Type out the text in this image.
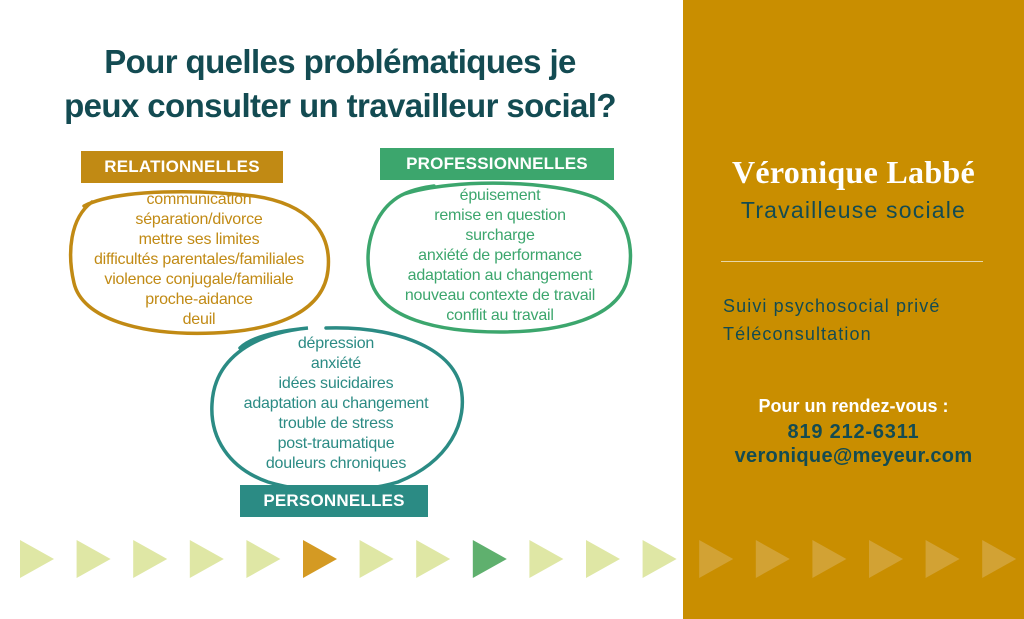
Pour quelles problématiques je
peux consulter un travailleur social?
communication
séparation/divorce
mettre ses limites
difficultés parentales/familiales
violence conjugale/familiale
proche-aidance
deuil
RELATIONNELLES
épuisement
remise en question
surcharge
anxiété de performance
adaptation au changement
nouveau contexte de travail
conflit au travail
PROFESSIONNELLES
dépression
anxiété
idées suicidaires
adaptation au changement
trouble de stress
post-traumatique
douleurs chroniques
PERSONNELLES
Véronique Labbé
Travailleuse sociale
Suivi psychosocial privé
Téléconsultation
Pour un rendez-vous :
819 212-6311
veronique@meyeur.com
